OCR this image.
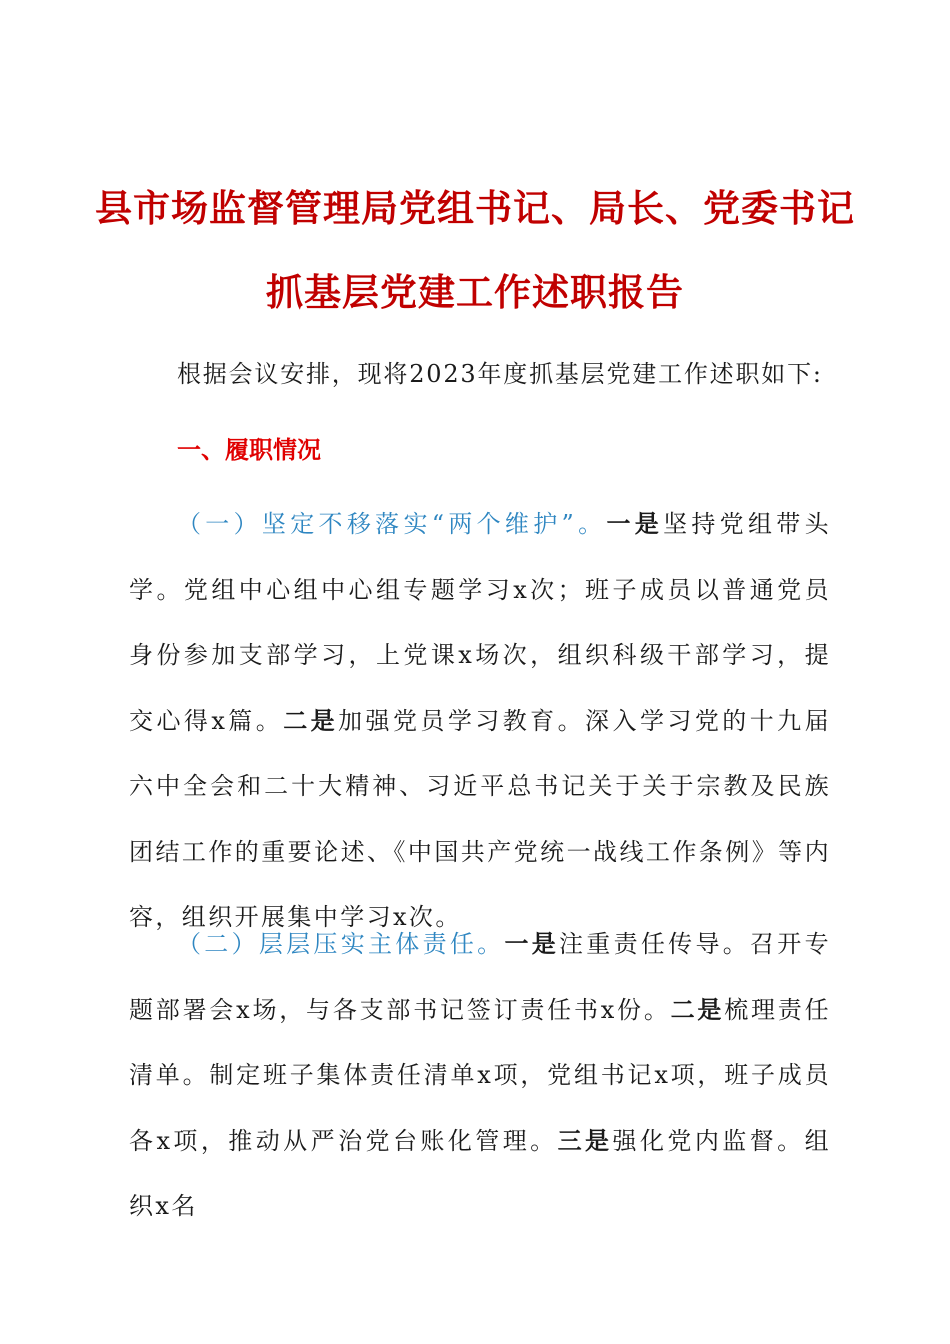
县市场监督管理局党组书记、局长、党委书记
抓基层党建工作述职报告

根据会议安排，现将2023年度抓基层党建工作述职如下:

一、履职情况

（一）坚定不移落实“两个维护”。一是坚持党组带头学。党组中心组中心组专题学习x次；班子成员以普通党员身份参加支部学习，上党课x场次，组织科级干部学习，提交心得x篇。二是加强党员学习教育。深入学习党的十九届六中全会和二十大精神、习近平总书记关于关于宗教及民族团结工作的重要论述、《中国共产党统一战线工作条例》等内容，组织开展集中学习x次。

（二）层层压实主体责任。一是注重责任传导。召开专题部署会x场，与各支部书记签订责任书x份。二是梳理责任清单。制定班子集体责任清单x项，党组书记x项，班子成员各x项，推动从严治党台账化管理。三是强化党内监督。组织x名
